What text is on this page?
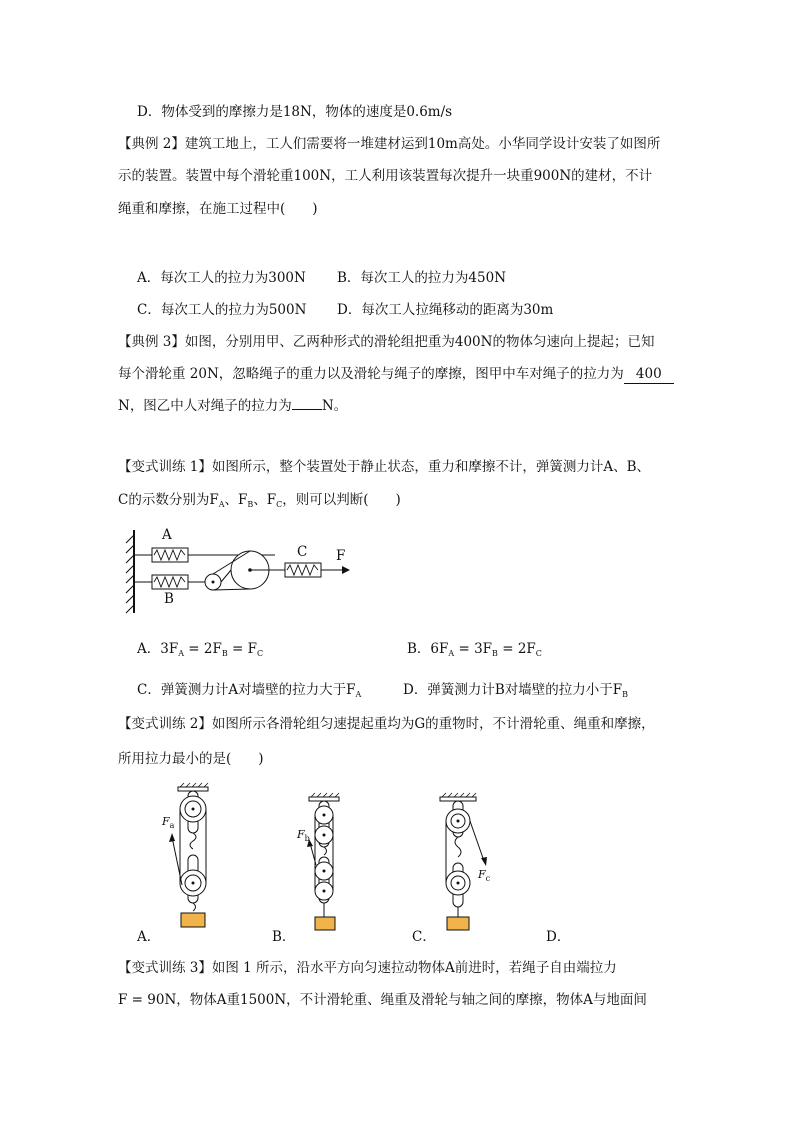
D．物体受到的摩擦力是18N，物体的速度是0.6m/s
【典例 2】建筑工地上，工人们需要将一堆建材运到10m高处。小华同学设计安装了如图所
示的装置。装置中每个滑轮重100N，工人利用该装置每次提升一块重900N的建材，不计
绳重和摩擦，在施工过程中(　　)
A．每次工人的拉力为300N B．每次工人的拉力为450N
C．每次工人的拉力为500N D．每次工人拉绳移动的距离为30m
【典例 3】如图，分别用甲、乙两种形式的滑轮组把重为400N的物体匀速向上提起；已知
每个滑轮重 20N，忽略绳子的重力以及滑轮与绳子的摩擦，图甲中车对绳子的拉力为 400
N，图乙中人对绳子的拉力为 N。
【变式训练 1】如图所示，整个装置处于静止状态，重力和摩擦不计，弹簧测力计A、B、
C的示数分别为$F_A$、$F_B$、$F_C$，则可以判断(　　)
A
B
C F
A．$3F_A = 2F_B = F_C$	B．$6F_A = 3F_B = 2F_C$
C．弹簧测力计A对墙壁的拉力大于$F_A$	D．弹簧测力计B对墙壁的拉力小于$F_B$
【变式训练 2】如图所示各滑轮组匀速提起重均为G的重物时，不计滑轮重、绳重和摩擦，
所用拉力最小的是(　　)
$F_a$
$F_b$
$F_c$
A．	B．	C．	D．
【变式训练 3】如图 1 所示，沿水平方向匀速拉动物体A前进时，若绳子自由端拉力
F = 90N，物体A重1500N，不计滑轮重、绳重及滑轮与轴之间的摩擦，物体A与地面间
